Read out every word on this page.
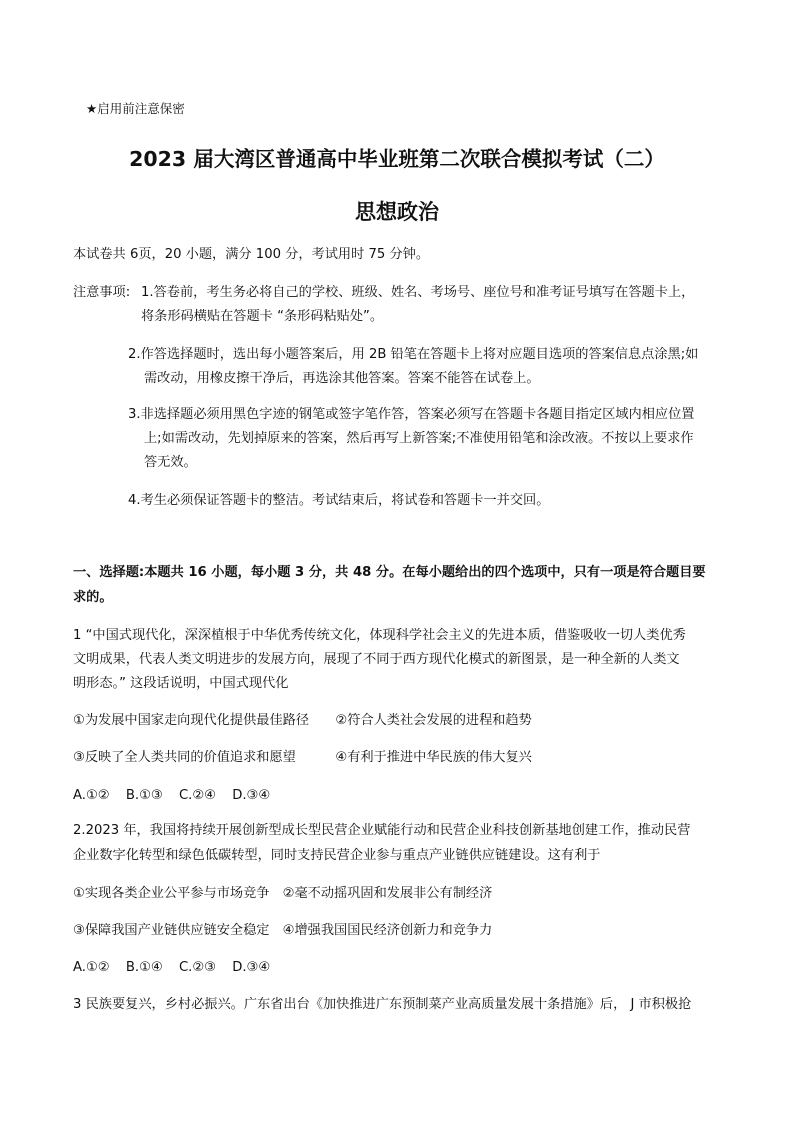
★启用前注意保密
2023 届大湾区普通高中毕业班第二次联合模拟考试（二）
思想政治
本试卷共 6页，20 小题，满分 100 分，考试用时 75 分钟。
注意事项: 1.答卷前，考生务必将自己的学校、班级、姓名、考场号、座位号和准考证号填写在答题卡上，
将条形码横贴在答题卡 “条形码粘贴处”。
2.作答选择题时，选出每小题答案后，用 2B 铅笔在答题卡上将对应题目选项的答案信息点涂黑;如
需改动，用橡皮擦干净后，再选涂其他答案。答案不能答在试卷上。
3.非选择题必须用黑色字迹的钢笔或签字笔作答，答案必须写在答题卡各题目指定区域内相应位置
上;如需改动，先划掉原来的答案，然后再写上新答案;不准使用铅笔和涂改液。不按以上要求作
答无效。
4.考生必须保证答题卡的整洁。考试结束后，将试卷和答题卡一并交回。
一、选择题:本题共 16 小题，每小题 3 分，共 48 分。在每小题给出的四个选项中，只有一项是符合题目要
求的。
1 “中国式现代化，深深植根于中华优秀传统文化，体现科学社会主义的先进本质，借鉴吸收一切人类优秀
文明成果，代表人类文明进步的发展方向，展现了不同于西方现代化模式的新图景，是一种全新的人类文
明形态。” 这段话说明，中国式现代化
①为发展中国家走向现代化提供最佳路径　　②符合人类社会发展的进程和趋势
③反映了全人类共同的价值追求和愿望　　　④有利于推进中华民族的伟大复兴
A.①② B.①③ C.②④ D.③④
2.2023 年，我国将持续开展创新型成长型民营企业赋能行动和民营企业科技创新基地创建工作，推动民营
企业数字化转型和绿色低碳转型，同时支持民营企业参与重点产业链供应链建设。这有利于
①实现各类企业公平参与市场竞争　②毫不动摇巩固和发展非公有制经济
③保障我国产业链供应链安全稳定　④增强我国国民经济创新力和竞争力
A.①② B.①④ C.②③ D.③④
3 民族要复兴，乡村必振兴。广东省出台《加快推进广东预制菜产业高质量发展十条措施》后， J 市积极抢
